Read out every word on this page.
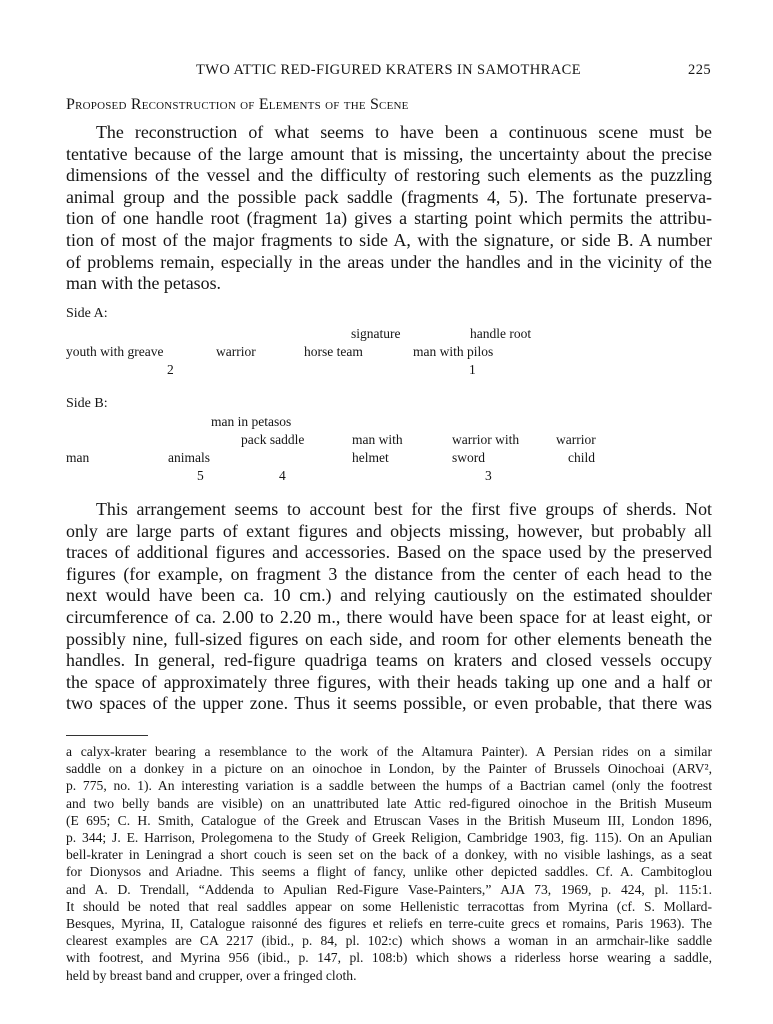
TWO ATTIC RED-FIGURED KRATERS IN SAMOTHRACE	225
Proposed Reconstruction of Elements of the Scene
The reconstruction of what seems to have been a continuous scene must be
tentative because of the large amount that is missing, the uncertainty about the precise
dimensions of the vessel and the difficulty of restoring such elements as the puzzling
animal group and the possible pack saddle (fragments 4, 5). The fortunate preserva-
tion of one handle root (fragment 1a) gives a starting point which permits the attribu-
tion of most of the major fragments to side A, with the signature, or side B. A number
of problems remain, especially in the areas under the handles and in the vicinity of the
man with the petasos.
Side A:
signature	handle root
youth with greave	warrior	horse team	man with pilos
2	1
Side B:
man in petasos
pack saddle	man with	warrior with	warrior
man	animals	helmet	sword	child
5	4	3
This arrangement seems to account best for the first five groups of sherds. Not
only are large parts of extant figures and objects missing, however, but probably all
traces of additional figures and accessories. Based on the space used by the preserved
figures (for example, on fragment 3 the distance from the center of each head to the
next would have been ca. 10 cm.) and relying cautiously on the estimated shoulder
circumference of ca. 2.00 to 2.20 m., there would have been space for at least eight, or
possibly nine, full-sized figures on each side, and room for other elements beneath the
handles. In general, red-figure quadriga teams on kraters and closed vessels occupy
the space of approximately three figures, with their heads taking up one and a half or
two spaces of the upper zone. Thus it seems possible, or even probable, that there was
a calyx-krater bearing a resemblance to the work of the Altamura Painter). A Persian rides on a similar
saddle on a donkey in a picture on an oinochoe in London, by the Painter of Brussels Oinochoai (ARV²,
p. 775, no. 1). An interesting variation is a saddle between the humps of a Bactrian camel (only the footrest
and two belly bands are visible) on an unattributed late Attic red-figured oinochoe in the British Museum
(E 695; C. H. Smith, Catalogue of the Greek and Etruscan Vases in the British Museum III, London 1896,
p. 344; J. E. Harrison, Prolegomena to the Study of Greek Religion, Cambridge 1903, fig. 115). On an Apulian
bell-krater in Leningrad a short couch is seen set on the back of a donkey, with no visible lashings, as a seat
for Dionysos and Ariadne. This seems a flight of fancy, unlike other depicted saddles. Cf. A. Cambitoglou
and A. D. Trendall, “Addenda to Apulian Red-Figure Vase-Painters,” AJA 73, 1969, p. 424, pl. 115:1.
It should be noted that real saddles appear on some Hellenistic terracottas from Myrina (cf. S. Mollard-
Besques, Myrina, II, Catalogue raisonné des figures et reliefs en terre-cuite grecs et romains, Paris 1963). The
clearest examples are CA 2217 (ibid., p. 84, pl. 102:c) which shows a woman in an armchair-like saddle
with footrest, and Myrina 956 (ibid., p. 147, pl. 108:b) which shows a riderless horse wearing a saddle,
held by breast band and crupper, over a fringed cloth.
